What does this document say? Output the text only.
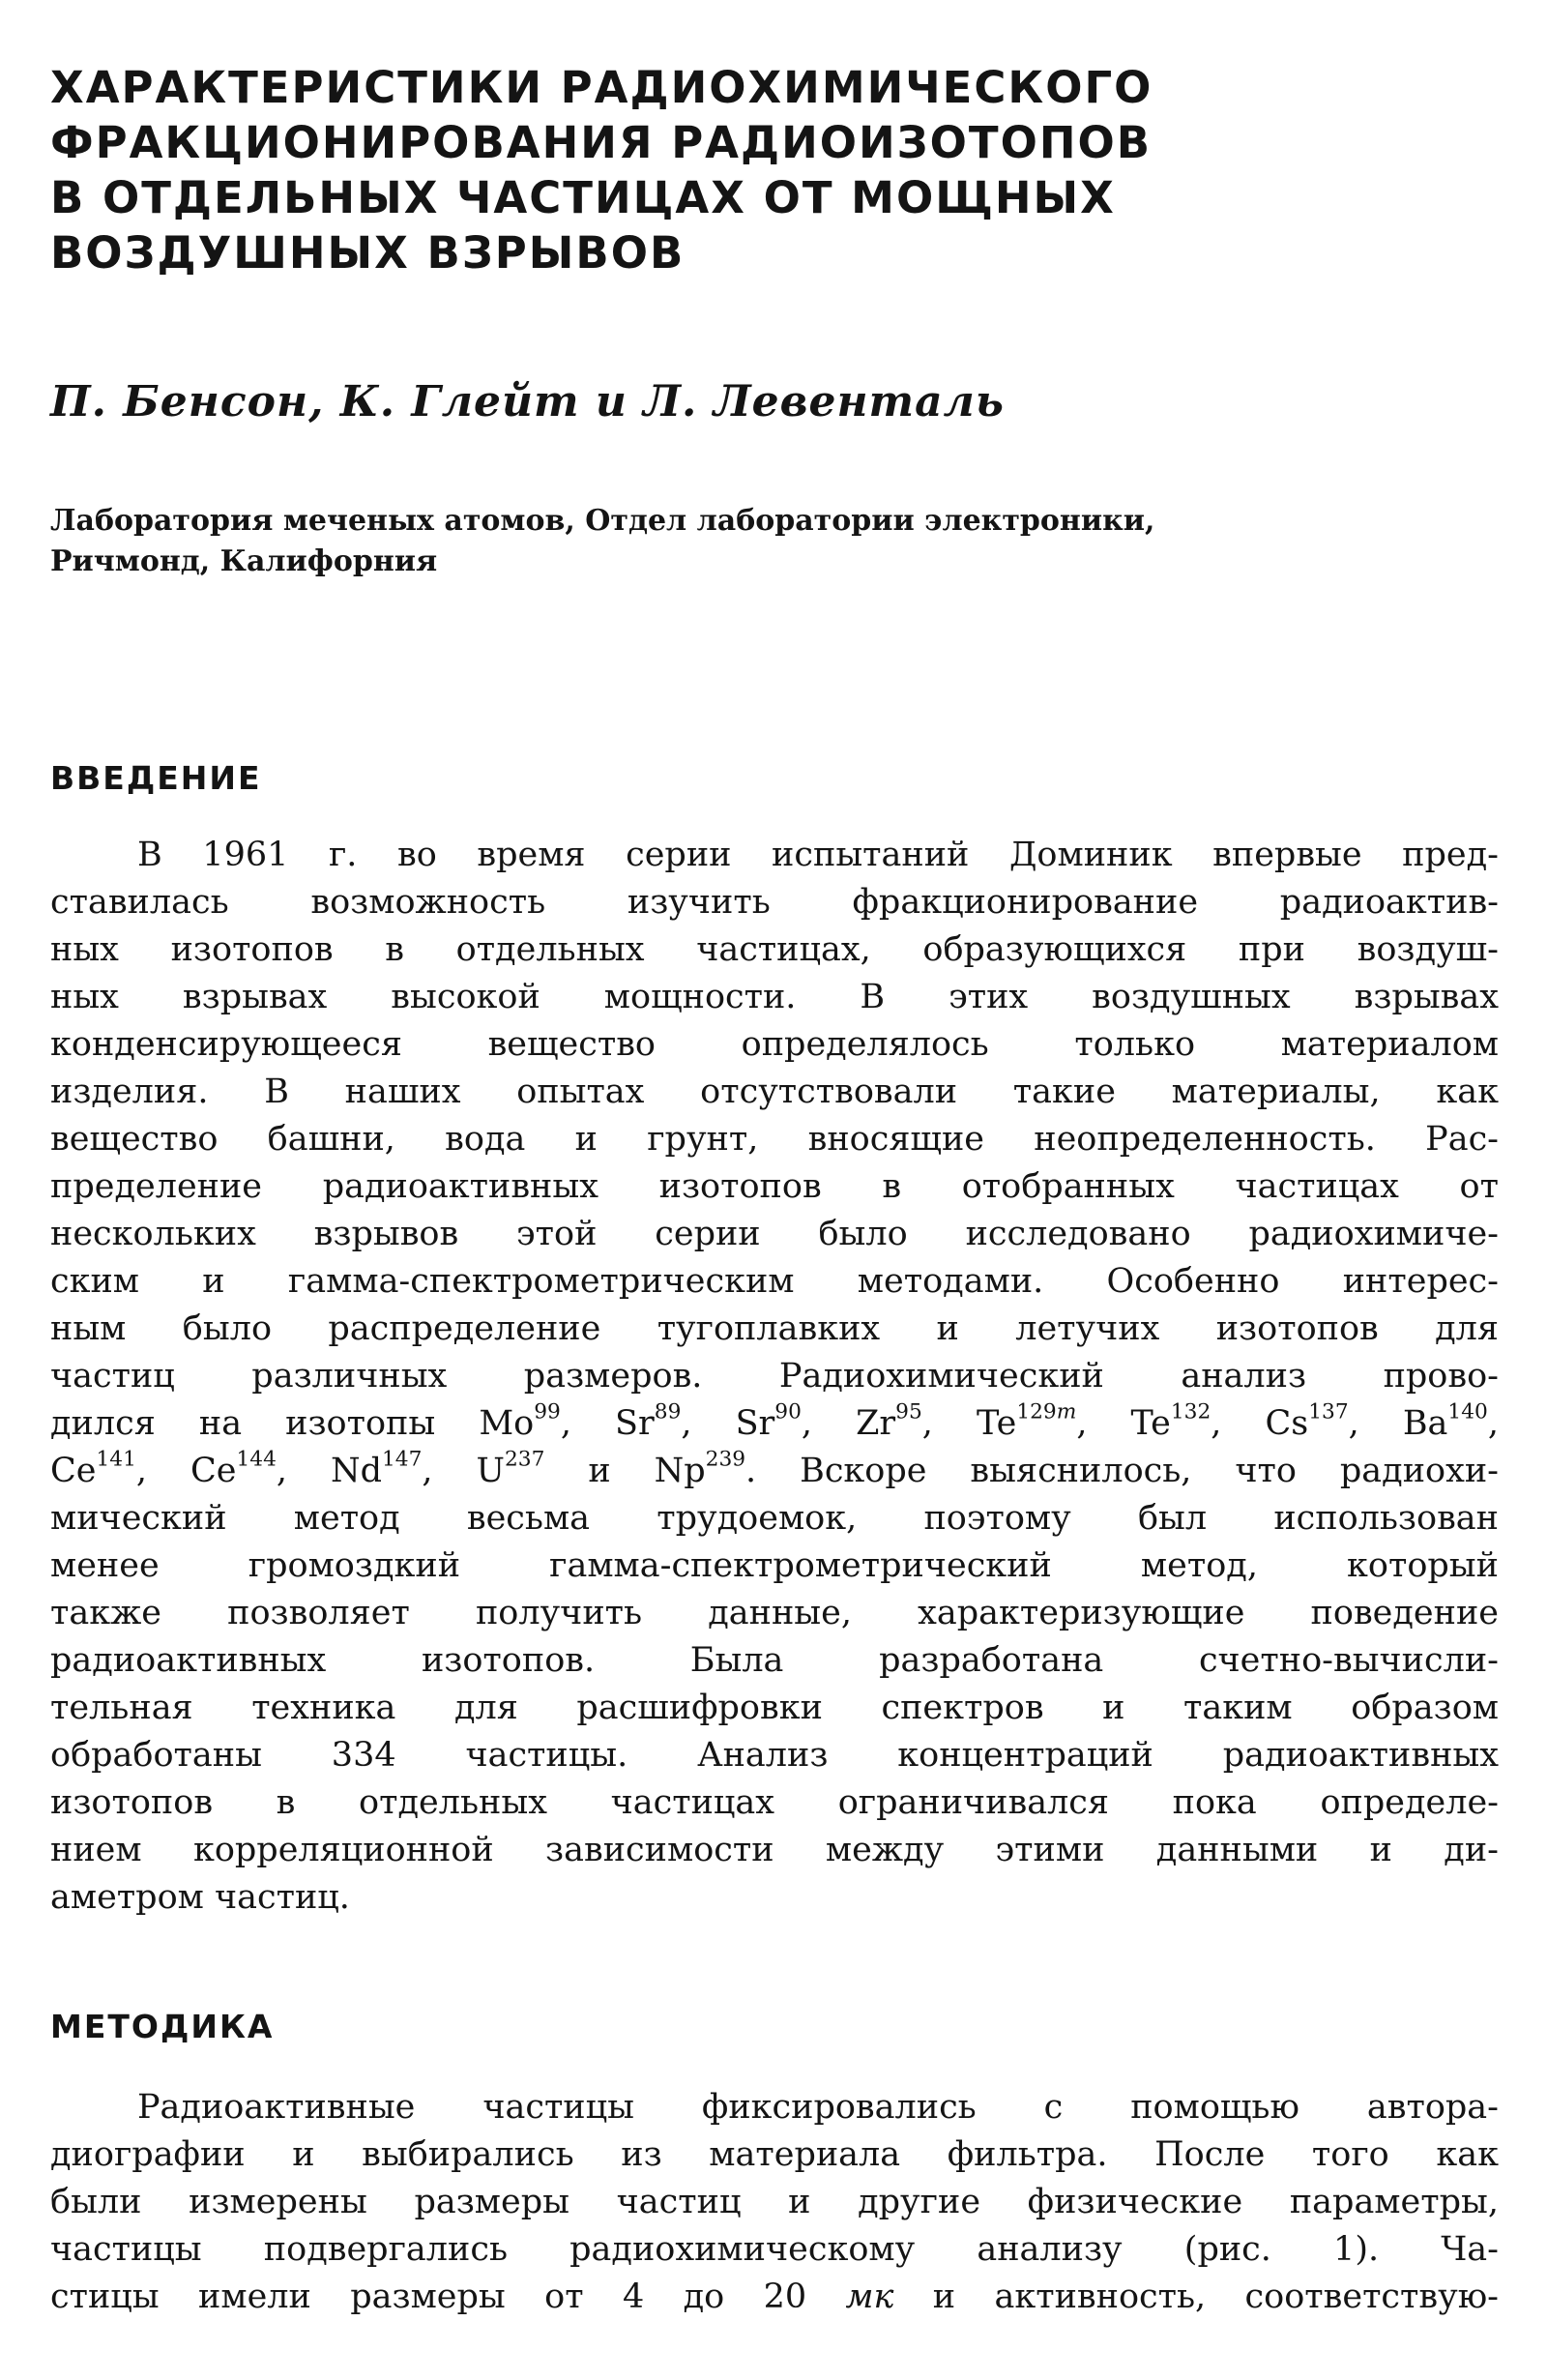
ХАРАКТЕРИСТИКИ РАДИОХИМИЧЕСКОГО
ФРАКЦИОНИРОВАНИЯ РАДИОИЗОТОПОВ
В ОТДЕЛЬНЫХ ЧАСТИЦАХ ОТ МОЩНЫХ
ВОЗДУШНЫХ ВЗРЫВОВ

П. Бенсон, К. Глейт и Л. Левенталь

Лаборатория меченых атомов, Отдел лаборатории электроники,
Ричмонд, Калифорния

ВВЕДЕНИЕ
В 1961 г. во время серии испытаний Доминик впервые пред-
ставилась возможность изучить фракционирование радиоактив-
ных изотопов в отдельных частицах, образующихся при воздуш-
ных взрывах высокой мощности. В этих воздушных взрывах
конденсирующееся вещество определялось только материалом
изделия. В наших опытах отсутствовали такие материалы, как
вещество башни, вода и грунт, вносящие неопределенность. Рас-
пределение радиоактивных изотопов в отобранных частицах от
нескольких взрывов этой серии было исследовано радиохимиче-
ским и гамма-спектрометрическим методами. Особенно интерес-
ным было распределение тугоплавких и летучих изотопов для
частиц различных размеров. Радиохимический анализ прово-
дился на изотопы Mo$^{99}$, Sr$^{89}$, Sr$^{90}$, Zr$^{95}$, $Te^{129m}$, Te$^{132}$, Cs$^{137}$, Ba$^{140}$,
Ce$^{141}$, Ce$^{144}$, Nd$^{147}$, $U^{237}$ и Np$^{239}$. Вскоре выяснилось, что радиохи-
мический метод весьма трудоемок, поэтому был использован
менее громоздкий гамма-спектрометрический метод, который
также позволяет получить данные, характеризующие поведение
радиоактивных изотопов. Была разработана счетно-вычисли-
тельная техника для расшифровки спектров и таким образом
обработаны 334 частицы. Анализ концентраций радиоактивных
изотопов в отдельных частицах ограничивался пока определе-
нием корреляционной зависимости между этими данными и ди-
аметром частиц.
МЕТОДИКА
Радиоактивные частицы фиксировались с помощью автора-
диографии и выбирались из материала фильтра. После того как
были измерены размеры частиц и другие физические параметры,
частицы подвергались радиохимическому анализу (рис. 1). Ча-
стицы имели размеры от 4 до 20 мк и активность, соответствую-
